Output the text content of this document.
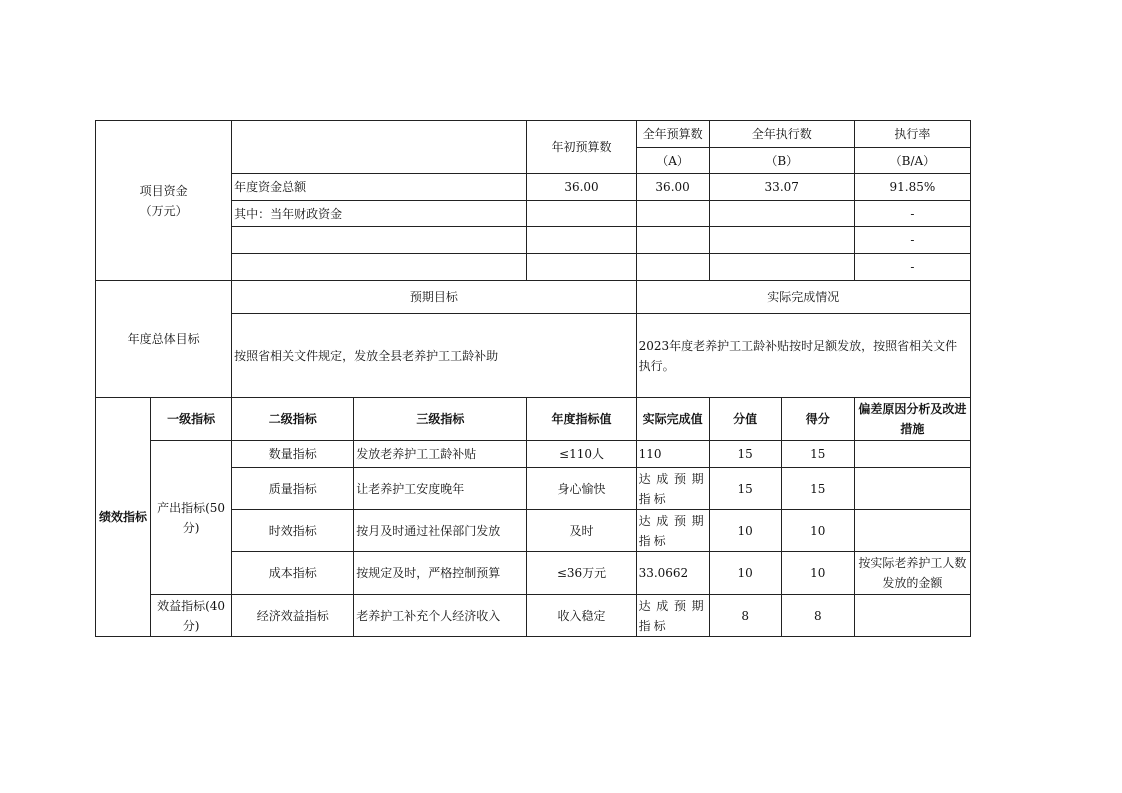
项目资金
（万元）				年初预算数	全年预算数	全年执行数		执行率
					（A）	（B）		（B/A）
		年度资金总额		36.00	36.00	33.07		91.85%
		其中：当年财政资金						-
								-
								-
年度总体目标		预期目标			实际完成情况			
		按照省相关文件规定，发放全县老养护工工龄补助			2023年度老养护工工龄补贴按时足额发放，按照省相关文件执行。			
绩效指标	一级指标	二级指标	三级指标	年度指标值	实际完成值	分值	得分	偏差原因分析及改进措施
	产出指标(50分)	数量指标	发放老养护工工龄补贴	≤110人	110	15	15	
		质量指标	让老养护工安度晚年	身心愉快	达成预期指标	15	15	
		时效指标	按月及时通过社保部门发放	及时	达成预期指标	10	10	
		成本指标	按规定及时，严格控制预算	≤36万元	33.0662	10	10	按实际老养护工人数发放的金额
	效益指标(40分)	经济效益指标	老养护工补充个人经济收入	收入稳定	达成预期指标	8	8	
